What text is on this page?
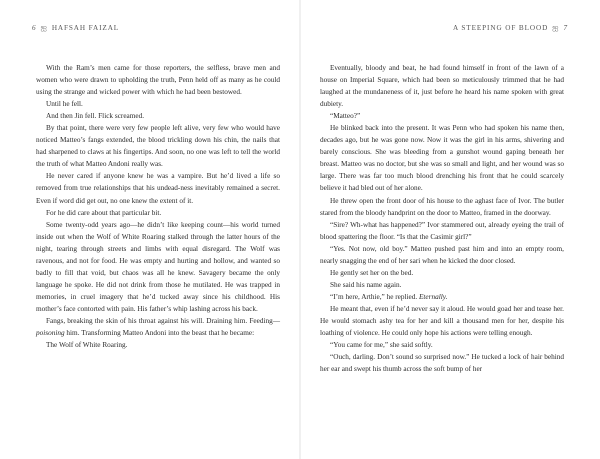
6 ஐ HAFSAH FAIZAL

With the Ram’s men came for those reporters, the selfless, brave men and women who were drawn to upholding the truth, Penn held off as many as he could using the strange and wicked power with which he had been bestowed.

Until he fell.

And then Jin fell. Flick screamed.

By that point, there were very few people left alive, very few who would have noticed Matteo’s fangs extended, the blood trickling down his chin, the nails that had sharpened to claws at his fingertips. And soon, no one was left to tell the world the truth of what Matteo Andoni really was.

He never cared if anyone knew he was a vampire. But he’d lived a life so removed from true relationships that his undead-ness inevitably remained a secret. Even if word did get out, no one knew the extent of it.

For he did care about that particular bit.

Some twenty-odd years ago—he didn’t like keeping count—his world turned inside out when the Wolf of White Roaring stalked through the latter hours of the night, tearing through streets and limbs with equal disregard. The Wolf was ravenous, and not for food. He was empty and hurting and hollow, and wanted so badly to fill that void, but chaos was all he knew. Savagery became the only language he spoke. He did not drink from those he mutilated. He was trapped in memories, in cruel imagery that he’d tucked away since his childhood. His mother’s face contorted with pain. His father’s whip lashing across his back.

Fangs, breaking the skin of his throat against his will. Draining him. Feeding—poisoning him. Transforming Matteo Andoni into the beast that he became:

The Wolf of White Roaring.

A STEEPING OF BLOOD ஐ 7

Eventually, bloody and beat, he had found himself in front of the lawn of a house on Imperial Square, which had been so meticulously trimmed that he had laughed at the mundaneness of it, just before he heard his name spoken with great dubiety.

“Matteo?”

He blinked back into the present. It was Penn who had spoken his name then, decades ago, but he was gone now. Now it was the girl in his arms, shivering and barely conscious. She was bleeding from a gunshot wound gaping beneath her breast. Matteo was no doctor, but she was so small and light, and her wound was so large. There was far too much blood drenching his front that he could scarcely believe it had bled out of her alone.

He threw open the front door of his house to the aghast face of Ivor. The butler stared from the bloody handprint on the door to Matteo, framed in the doorway.

“Sire? Wh-what has happened?” Ivor stammered out, already eyeing the trail of blood spattering the floor. “Is that the Casimir girl?”

“Yes. Not now, old boy.” Matteo pushed past him and into an empty room, nearly snagging the end of her sari when he kicked the door closed.

He gently set her on the bed.

She said his name again.

“I’m here, Arthie,” he replied. Eternally.

He meant that, even if he’d never say it aloud. He would goad her and tease her. He would stomach ashy tea for her and kill a thousand men for her, despite his loathing of violence. He could only hope his actions were telling enough.

“You came for me,” she said softly.

“Ouch, darling. Don’t sound so surprised now.” He tucked a lock of hair behind her ear and swept his thumb across the soft bump of her
